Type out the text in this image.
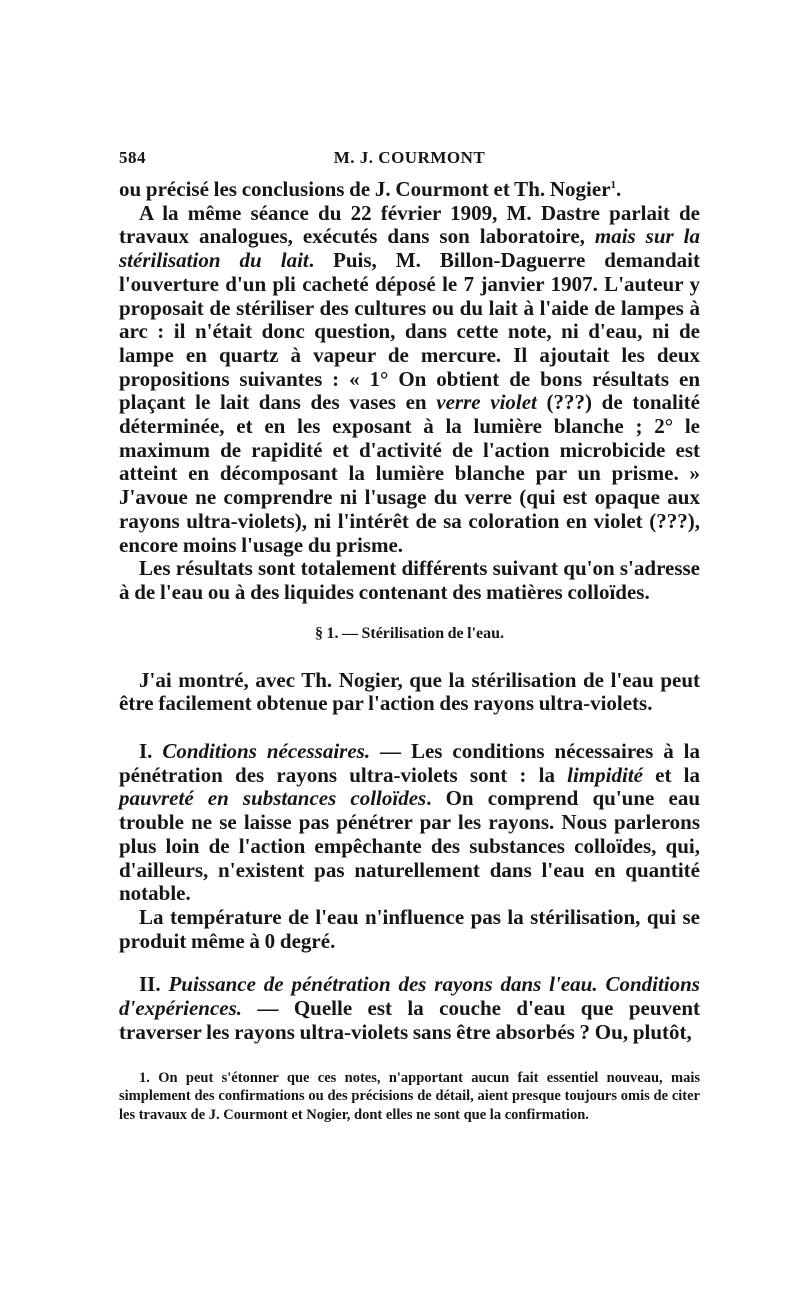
584	M. J. COURMONT

ou précisé les conclusions de J. Courmont et Th. Nogier$^1$.

A la même séance du 22 février 1909, M. Dastre parlait de travaux analogues, exécutés dans son laboratoire, mais sur la stérilisation du lait. Puis, M. Billon-Daguerre demandait l'ouverture d'un pli cacheté déposé le 7 janvier 1907. L'auteur y proposait de stériliser des cultures ou du lait à l'aide de lampes à arc : il n'était donc question, dans cette note, ni d'eau, ni de lampe en quartz à vapeur de mercure. Il ajoutait les deux propositions suivantes : « 1° On obtient de bons résultats en plaçant le lait dans des vases en verre violet (???) de tonalité déterminée, et en les exposant à la lumière blanche ; 2° le maximum de rapidité et d'activité de l'action microbicide est atteint en décomposant la lumière blanche par un prisme. » J'avoue ne comprendre ni l'usage du verre (qui est opaque aux rayons ultra-violets), ni l'intérêt de sa coloration en violet (???), encore moins l'usage du prisme.

Les résultats sont totalement différents suivant qu'on s'adresse à de l'eau ou à des liquides contenant des matières colloïdes.

§ 1. — Stérilisation de l'eau.

J'ai montré, avec Th. Nogier, que la stérilisation de l'eau peut être facilement obtenue par l'action des rayons ultra-violets.

I. Conditions nécessaires. — Les conditions nécessaires à la pénétration des rayons ultra-violets sont : la limpidité et la pauvreté en substances colloïdes. On comprend qu'une eau trouble ne se laisse pas pénétrer par les rayons. Nous parlerons plus loin de l'action empêchante des substances colloïdes, qui, d'ailleurs, n'existent pas naturellement dans l'eau en quantité notable.

La température de l'eau n'influence pas la stérilisation, qui se produit même à 0 degré.

II. Puissance de pénétration des rayons dans l'eau. Conditions d'expériences. — Quelle est la couche d'eau que peuvent traverser les rayons ultra-violets sans être absorbés ? Ou, plutôt,

1. On peut s'étonner que ces notes, n'apportant aucun fait essentiel nouveau, mais simplement des confirmations ou des précisions de détail, aient presque toujours omis de citer les travaux de J. Courmont et Nogier, dont elles ne sont que la confirmation.
